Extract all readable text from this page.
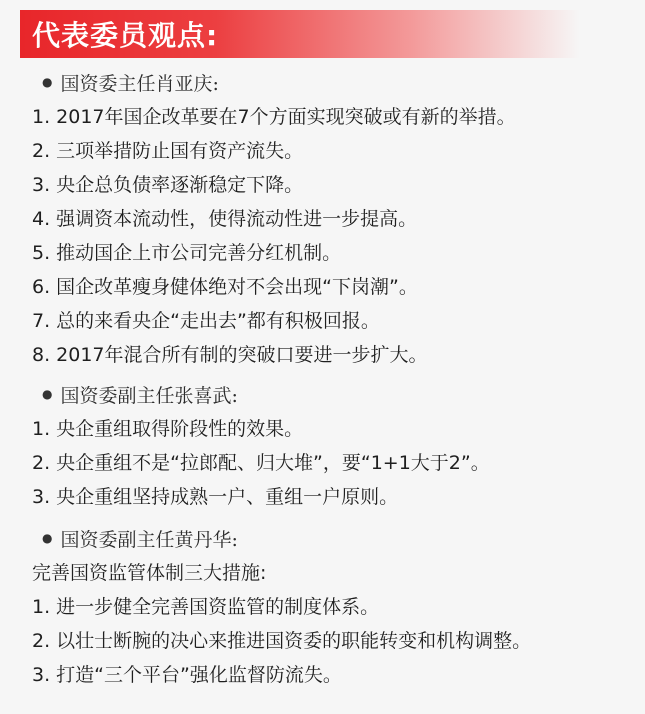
代表委员观点:
● 国资委主任肖亚庆:
1. 2017年国企改革要在7个方面实现突破或有新的举措。
2. 三项举措防止国有资产流失。
3. 央企总负债率逐渐稳定下降。
4. 强调资本流动性，使得流动性进一步提高。
5. 推动国企上市公司完善分红机制。
6. 国企改革瘦身健体绝对不会出现“下岗潮”。
7. 总的来看央企“走出去”都有积极回报。
8. 2017年混合所有制的突破口要进一步扩大。
● 国资委副主任张喜武:
1. 央企重组取得阶段性的效果。
2. 央企重组不是“拉郎配、归大堆”，要“1+1大于2”。
3. 央企重组坚持成熟一户、重组一户原则。
● 国资委副主任黄丹华:
完善国资监管体制三大措施:
1. 进一步健全完善国资监管的制度体系。
2. 以壮士断腕的决心来推进国资委的职能转变和机构调整。
3. 打造“三个平台”强化监督防流失。
